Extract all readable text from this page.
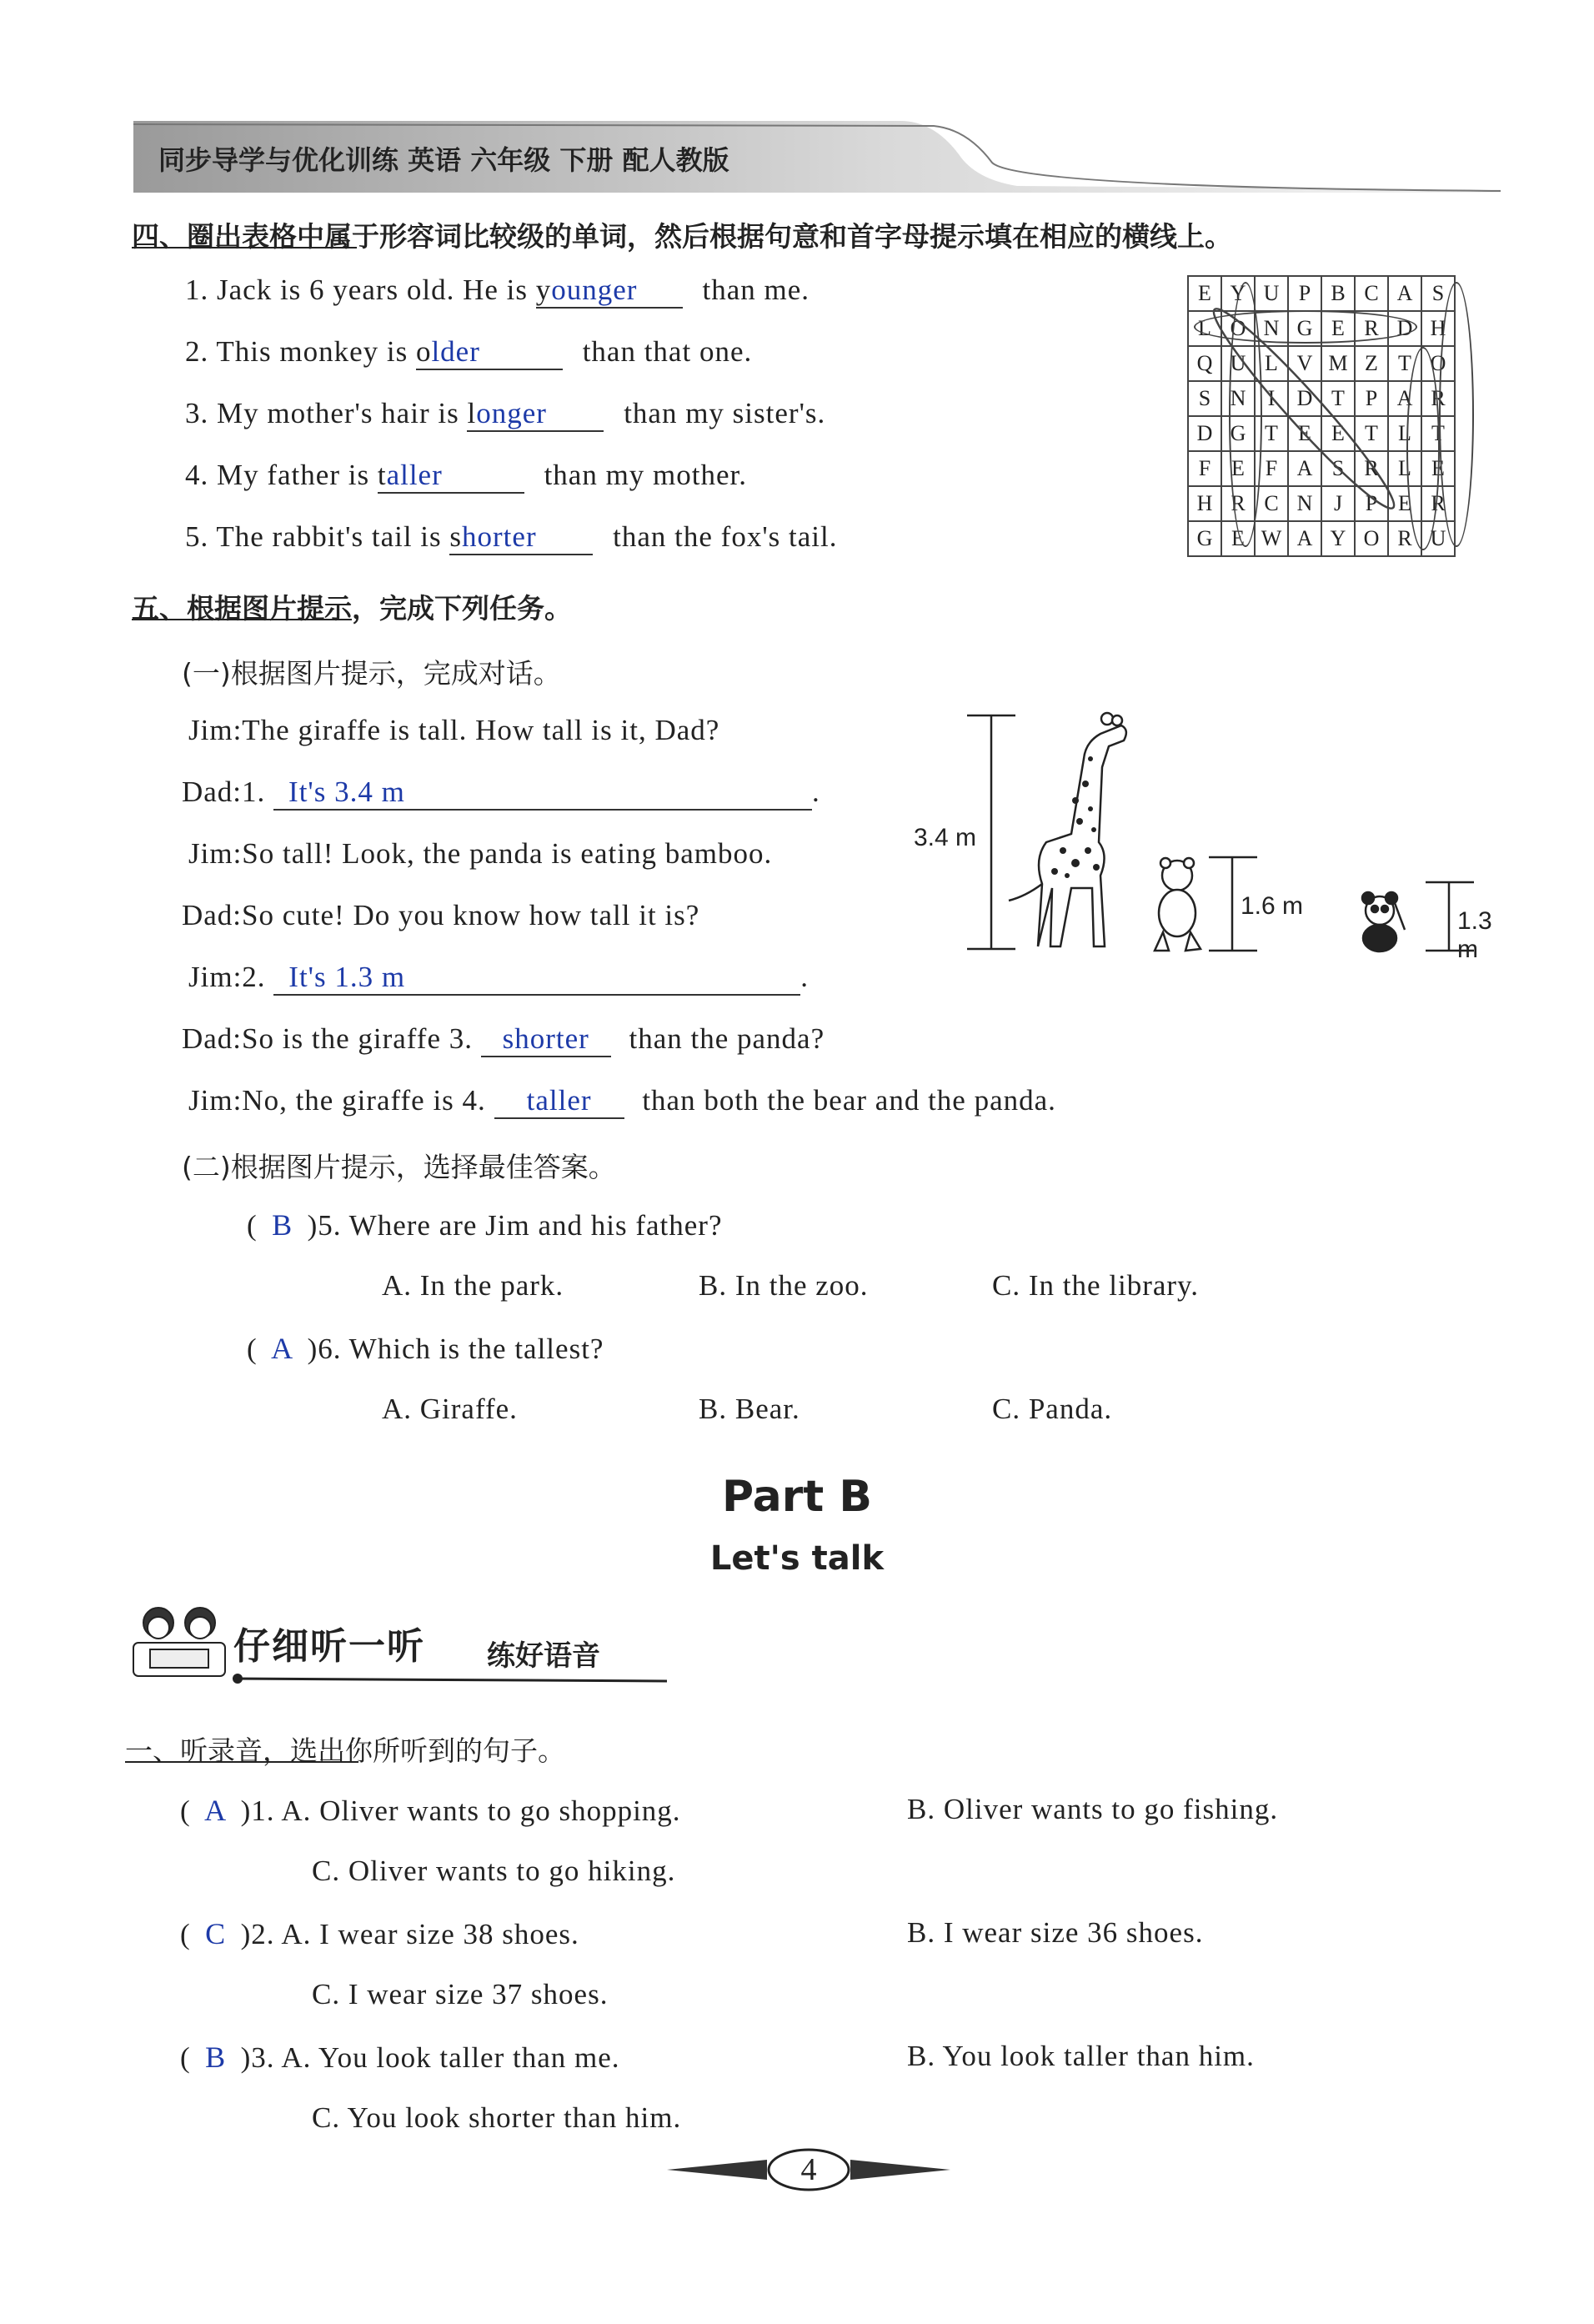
同步导学与优化训练 英语 六年级 下册 配人教版
四、圈出表格中属于形容词比较级的单词，然后根据句意和首字母提示填在相应的横线上。
1. Jack is 6 years old. He is younger than me.
2. This monkey is older	than that one.
3. My mother's hair is longer	than my sister's.
4. My father is taller	than my mother.
5. The rabbit's tail is shorter	than the fox's tail.
E	Y	U	P	B	C	A	S
L	O	N	G	E	R	D	H
Q	U	L	V	M	Z	T	O
S	N	I	D	T	P	A	R
D	G	T	E	E	T	L	T
F	E	F	A	S	R	L	E
H	R	C	N	J	P	E	R
G	E	W	A	Y	O	R	U
五、根据图片提示，完成下列任务。
(一)根据图片提示，完成对话。
Jim:The giraffe is tall. How tall is it, Dad?
Dad:1. It's 3.4 m	.
Jim:So tall! Look, the panda is eating bamboo.
Dad:So cute! Do you know how tall it is?
Jim:2. It's 1.3 m	.
Dad:So is the giraffe 3. shorter than the panda?
Jim:No, the giraffe is 4. taller than both the bear and the panda.
3.4 m
1.6 m
1.3 m
(二)根据图片提示，选择最佳答案。
( B )5. Where are Jim and his father?
A. In the park.	B. In the zoo.	C. In the library.
( A )6. Which is the tallest?
A. Giraffe.	B. Bear.	C. Panda.
Part B
Let's talk
仔细听一听 练好语音
一、听录音，选出你所听到的句子。
( A )1. A. Oliver wants to go shopping.	B. Oliver wants to go fishing.
C. Oliver wants to go hiking.
( C )2. A. I wear size 38 shoes.	B. I wear size 36 shoes.
C. I wear size 37 shoes.
( B )3. A. You look taller than me.	B. You look taller than him.
C. You look shorter than him.
4
